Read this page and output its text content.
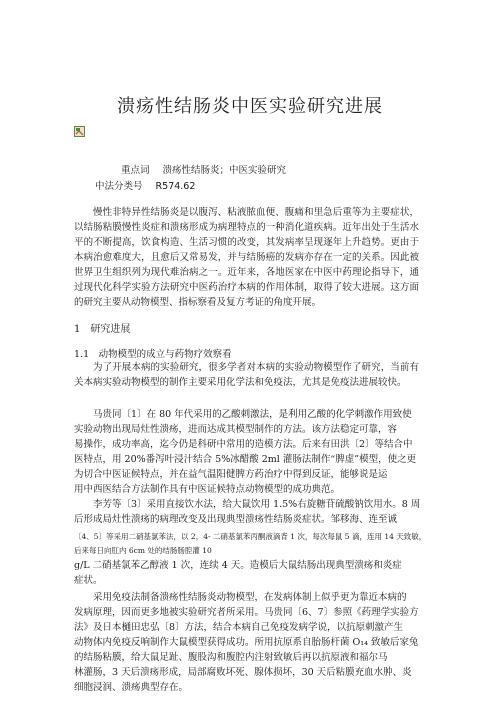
溃疡性结肠炎中医实验研究进展
重点词 溃疡性结肠炎；中医实验研究
中法分类号 R574.62

慢性非特异性结肠炎是以腹泻、粘液脓血便、腹痛和里急后重等为主要症状，以结肠粘膜慢性炎症和溃疡形成为病理特点的一种消化道疾病。近年出处于生活水平的不断提高，饮食构造、生活习惯的改变，其发病率呈现逐年上升趋势。更由于本病治愈难度大，且愈后又常易发，并与结肠癌的发病亦存在一定的关系。因此被世界卫生组织列为现代难治病之一。近年来，各地医家在中医中药理论指导下，通过现代化科学实验方法研究中医药治疗本病的作用体制，取得了较大进展。这方面的研究主要从动物模型、指标察看及复方考证的角度开展。

1　研究进展
1.1　动物模型的成立与药物疗效察看

为了开展本病的实验研究，很多学者对本病的实验动物模型作了研究，当前有关本病实验动物模型的制作主要采用化学法和免疫法，尤其是免疫法进展较快。

马贵同〔1〕在 80 年代采用的乙酸刺激法，是利用乙酸的化学刺激作用致使
实验动物出现局灶性溃疡，进而达成其模型制作的方法。该方法稳定可靠，容
易操作，成功率高，迄今仍是科研中常用的造模方法。后来有田洪〔2〕等结合中
医特点，用 20%番泻叶浸汁结合 5%冰醋酸 2ml 灌肠法制作“脾虚”模型，使之更
为切合中医证候特点，并在益气温阳健脾方药治疗中得到反证，能够说是运
用中西医结合方法制作具有中医证候特点动物模型的成功典范。
李芳等〔3〕采用直接饮水法，给大鼠饮用 1.5%右旋糖苷硫酸钠饮用水。8 周
后形成局灶性溃疡的病理改变及出现典型溃疡性结肠炎症状。邹移海、连至诚
〔4、5〕等采用二硝基氯苯法，以 2，4- 二硝基氯苯丙酮液滴背 1 次，每次每鼠 5 滴，连用 14 天致敏，
后来每日向肛内 6cm 处的结肠肠腔灌 10
g/L 二硝基氯苯乙醇液 1 次，连续 4 天。造模后大鼠结肠出现典型溃疡和炎症
症状。
采用免疫法制备溃疡性结肠炎动物模型，在发病体制上似乎更为靠近本病的
发病原理，因而更多地被实验研究者所采用。马贵同〔6、7〕参照《药理学实验方
法》及日本樋田忠弘〔8〕方法，结合本病自己免疫发病学说，以抗原刺激产生
动物体内免疫反响制作大鼠模型获得成功。所用抗原系自胎肠杆菌 O₁₄ 致敏后家兔
的结肠粘膜，给大鼠足趾、腹股沟和腹腔内注射致敏后再以抗原液和福尔马
林灌肠，3 天后溃疡形成，局部腐败坏死、腺体损坏，30 天后粘膜充血水肿、炎
细胞浸润、溃疡典型存在。
